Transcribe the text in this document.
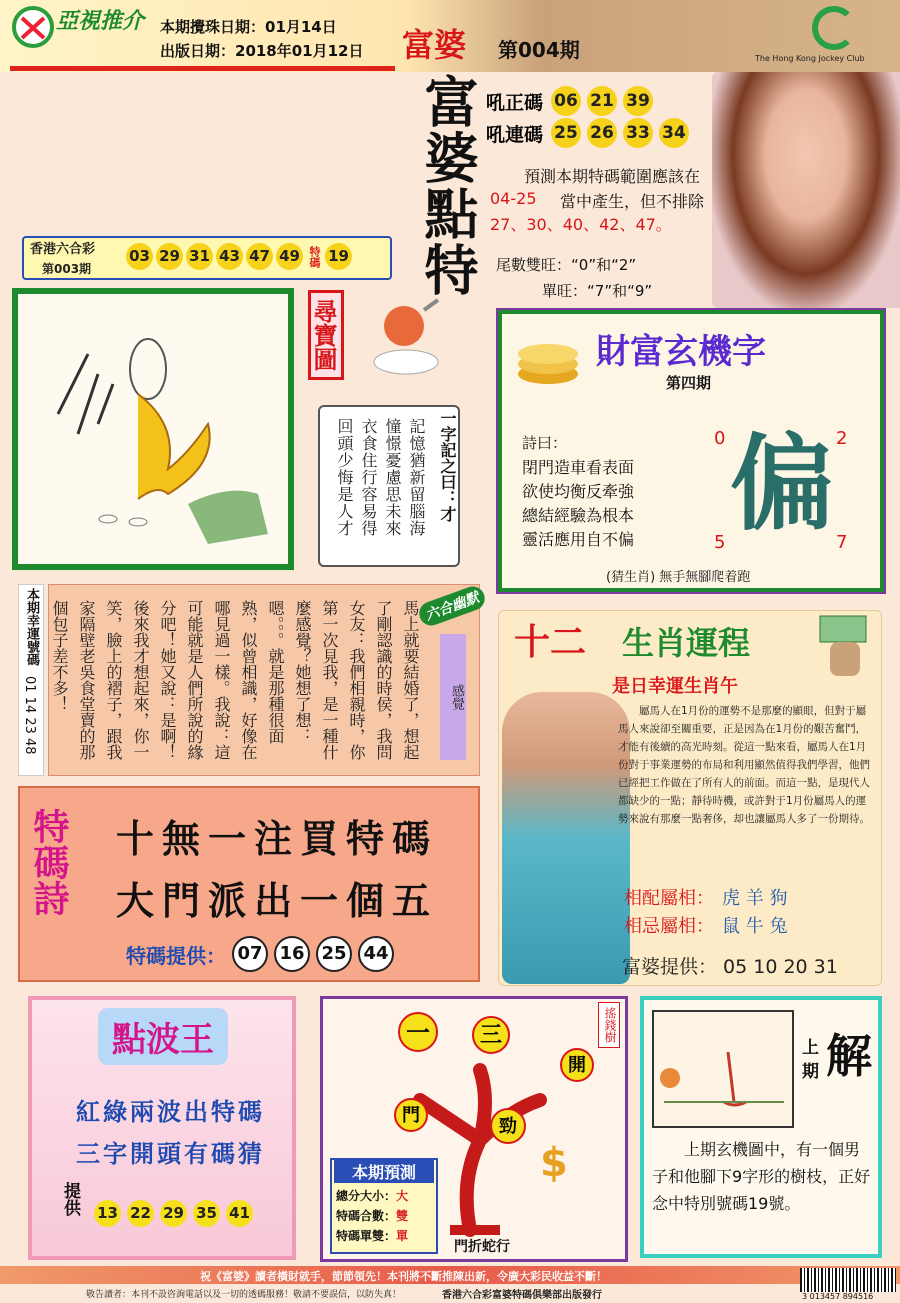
亞視推介 本期攪珠日期：01月14日
出版日期：2018年01月12日 富婆 第004期	The Hong Kong Jockey Club
富婆點特 吼正碼 06 21 39
吼連碼 25 26 33 34
預測本期特碼範圍應該在
04-25 當中產生，但不排除
27、30、40、42、47。
尾數雙旺：“0”和“2”
單旺：“7”和“9”
香港六合彩
第003期
03 29 31 43 47 49 特碼 19
尋寶圖
一字記之曰：才
記憶猶新留腦海
憧憬憂慮思未來
衣食住行容易得
回頭少悔是人才
財富玄機字
第四期
詩曰：
閉門造車看表面
欲使均衡反牽強
總結經驗為根本
靈活應用自不偏
0	2
5	7
偏
(猜生肖) 無手無腳爬着跑
本期幸運號碼
01 14 23 48
六合幽默
感覺
馬上就要結婚了，想起了剛認識的時侯，我問女友：我們相親時，你第一次見我，是一種什麼感覺？她想了想：嗯。。。就是那種很面熟，似曾相識，好像在哪見過一樣。我說：這可能就是人們所說的緣分吧！她又說：是啊！後來我才想起來，你一笑，臉上的褶子，跟我家隔壁老吳食堂賣的那個包子差不多！	十二 生肖運程
是日幸運生肖午
屬馬人在1月份的運勢不是那麼的顯眼，但對于屬馬人來說卻至關重要，正是因為在1月份的艱苦奮鬥，才能有後續的高光時刻。從這一點來看，屬馬人在1月份對于事業運勢的布局和利用顯然值得我們學習，他們已經把工作做在了所有人的前面。而這一點，是現代人都缺少的一點；靜待時機，或許對于1月份屬馬人的運勢來說有那麼一點奢侈，却也讓屬馬人多了一份期待。
相配屬相： 虎 羊 狗
相忌屬相： 鼠 牛 兔
富婆提供： 05 10 20 31
特碼詩 十無一注買特碼
大門派出一個五
特碼提供： 07 16 25 44
點波王
紅綠兩波出特碼
三字開頭有碼猜
提供 13 22 29 35 41
搖錢樹
一	三
開
門
勁
$
本期預測
總分大小：大
特碼合數：雙
特碼單雙：單
門折蛇行
上期 解
上期玄機圖中，有一個男子和他腳下9字形的樹枝，正好念中特別號碼19號。
祝《富婆》讀者橫財就手，節節領先！本刊將不斷推陳出新，令廣大彩民收益不斷！
敬告讀者：本刊不設咨詢電話以及一切的透碼服務！敬請不要誤信，以防失真！	香港六合彩富婆特碼俱樂部出版發行	3 013457 894516
